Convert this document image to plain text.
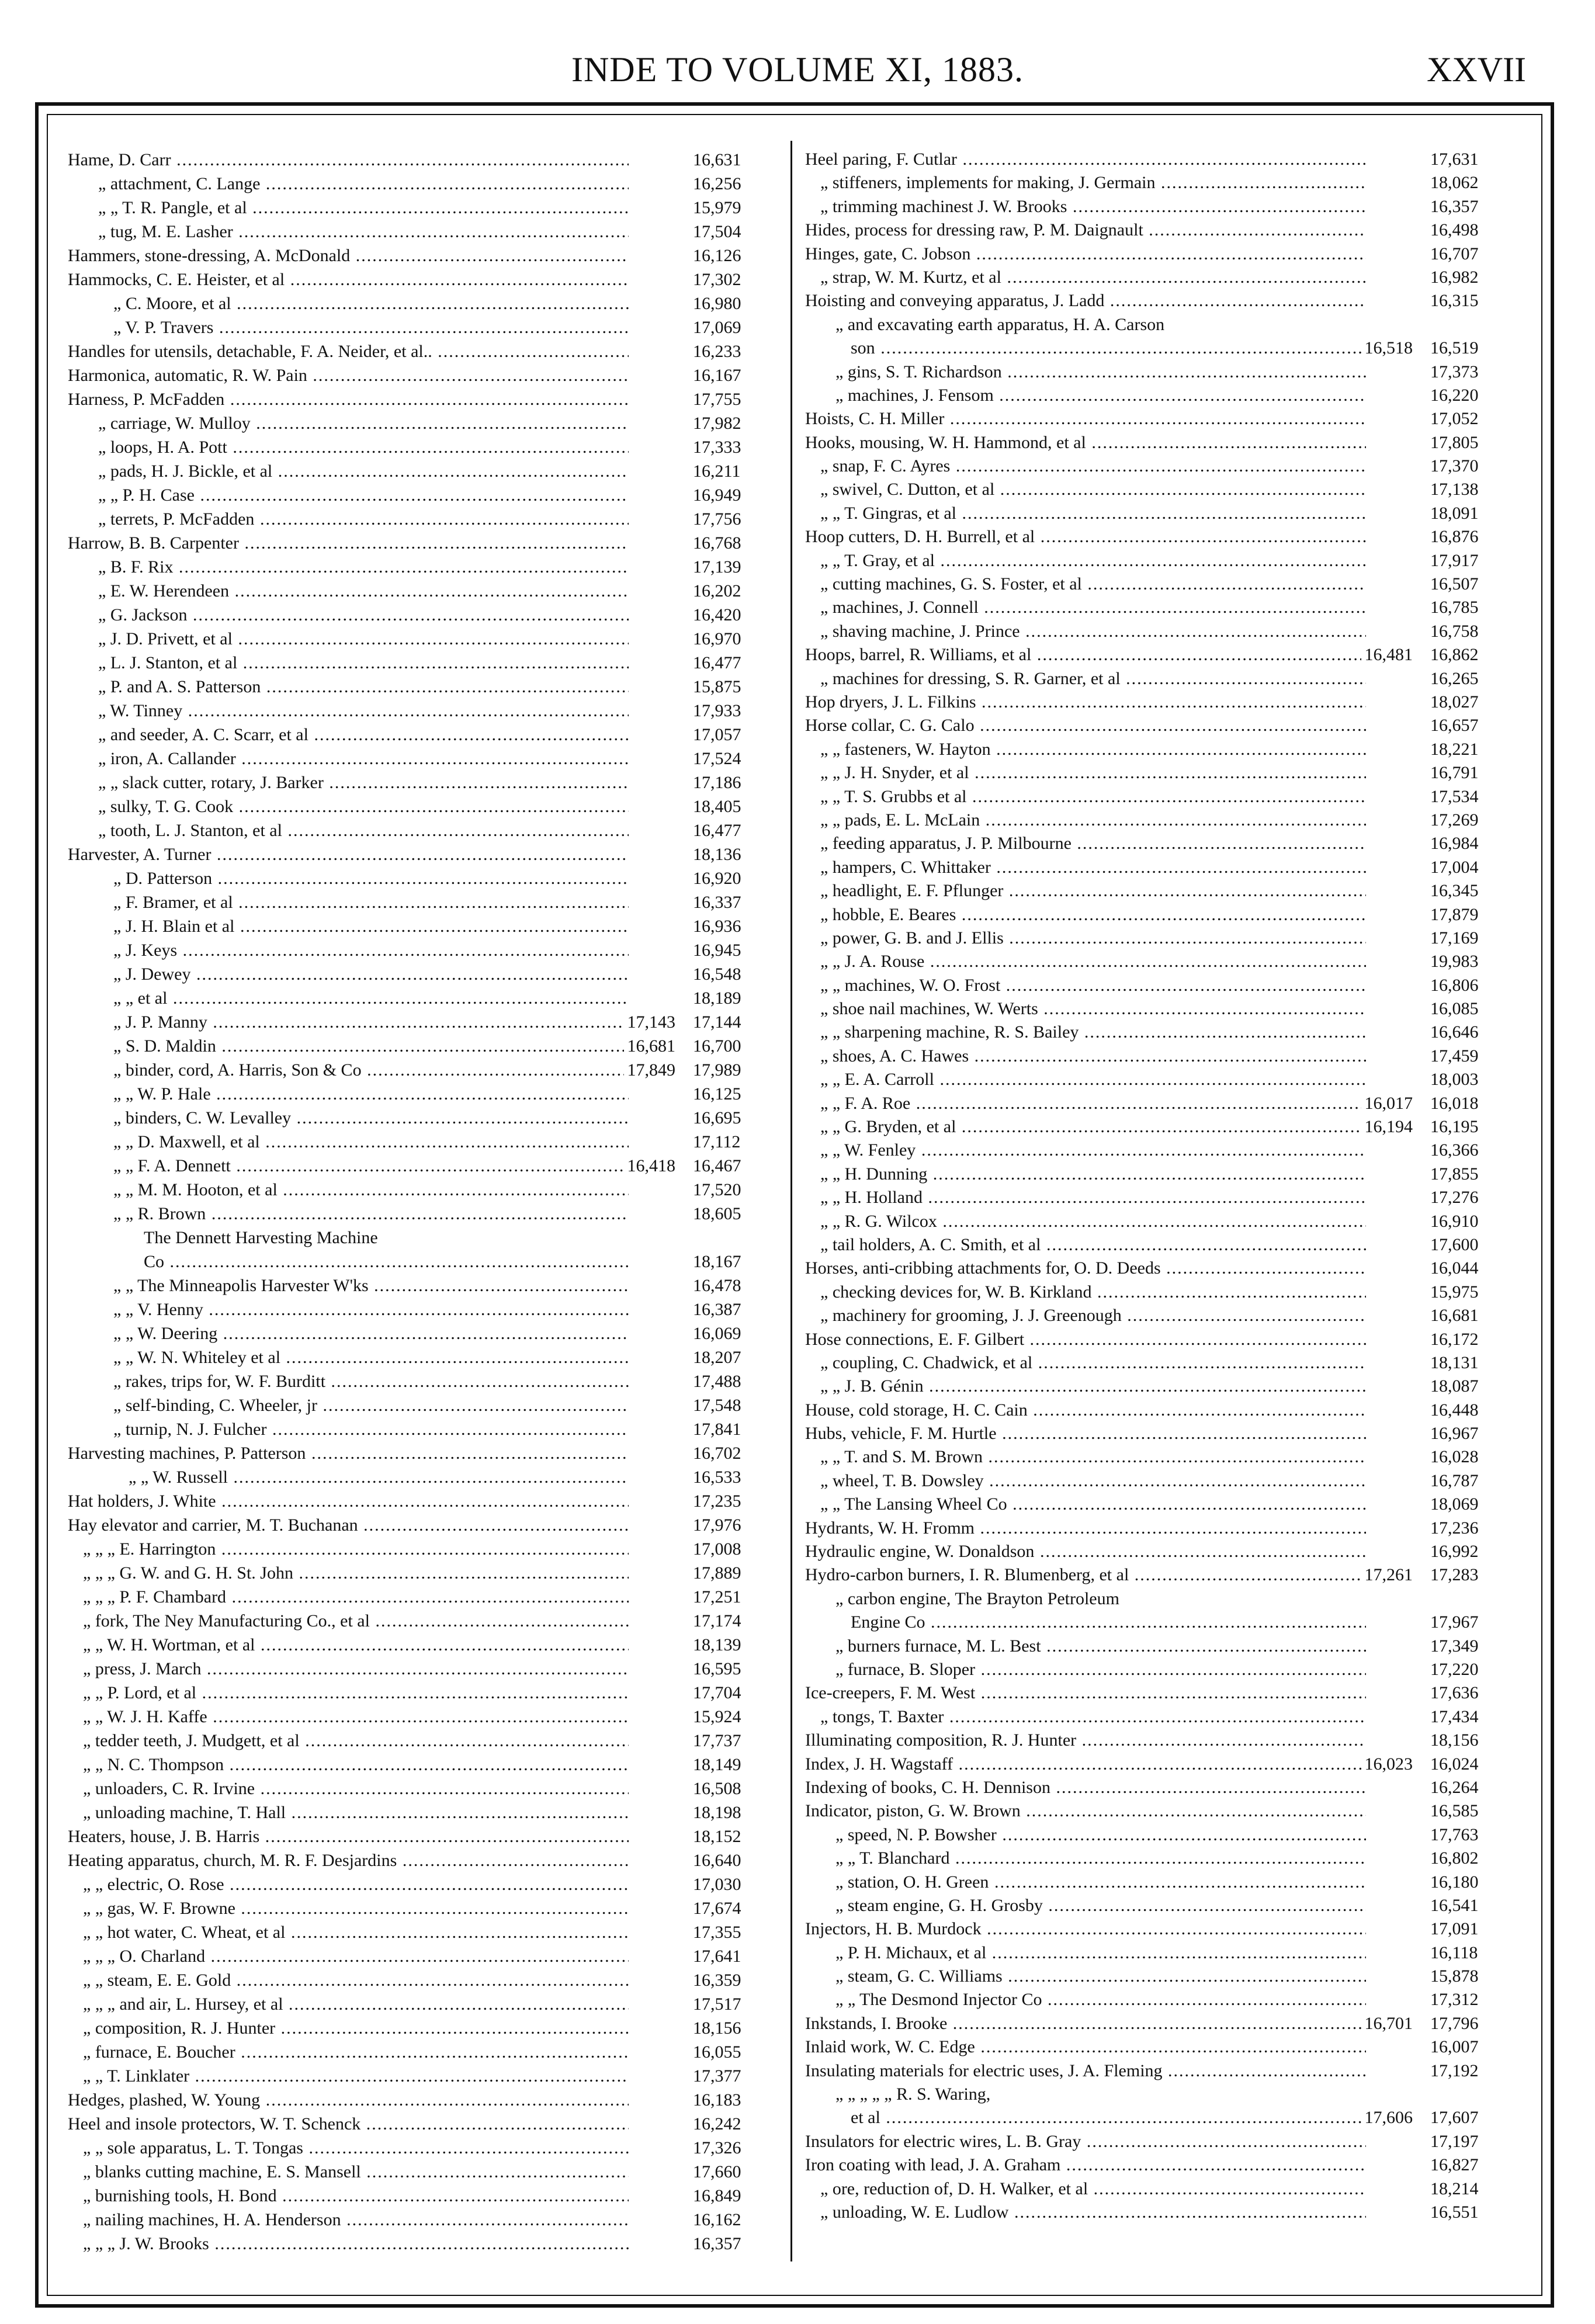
INDE TO VOLUME XI, 1883.	XXVII
Hame, D. Carr .....	16,631
„ attachment, C. Lange .....	16,256
„ „ T. R. Pangle, et al .....	15,979
„ tug, M. E. Lasher .....	17,504
Hammers, stone-dressing, A. McDonald .....	16,126
Hammocks, C. E. Heister, et al .....	17,302
„ C. Moore, et al .....	16,980
„ V. P. Travers .....	17,069
Handles for utensils, detachable, F. A. Neider, et al.. .....	16,233
Harmonica, automatic, R. W. Pain .....	16,167
Harness, P. McFadden .....	17,755
„ carriage, W. Mulloy .....	17,982
„ loops, H. A. Pott .....	17,333
„ pads, H. J. Bickle, et al .....	16,211
„ „ P. H. Case .....	16,949
„ terrets, P. McFadden .....	17,756
Harrow, B. B. Carpenter .....	16,768
„ B. F. Rix .....	17,139
„ E. W. Herendeen .....	16,202
„ G. Jackson .....	16,420
„ J. D. Privett, et al .....	16,970
„ L. J. Stanton, et al .....	16,477
„ P. and A. S. Patterson .....	15,875
„ W. Tinney .....	17,933
„ and seeder, A. C. Scarr, et al .....	17,057
„ iron, A. Callander .....	17,524
„ „ slack cutter, rotary, J. Barker .....	17,186
„ sulky, T. G. Cook .....	18,405
„ tooth, L. J. Stanton, et al .....	16,477
Harvester, A. Turner .....	18,136
„ D. Patterson .....	16,920
„ F. Bramer, et al .....	16,337
„ J. H. Blain et al .....	16,936
„ J. Keys .....	16,945
„ J. Dewey .....	16,548
„ „ et al .....	18,189
„ J. P. Manny .....	17,143 17,144
„ S. D. Maldin .....	16,681 16,700
„ binder, cord, A. Harris, Son & Co .....	17,849 17,989
„ „ W. P. Hale .....	16,125
„ binders, C. W. Levalley .....	16,695
„ „ D. Maxwell, et al .....	17,112
„ „ F. A. Dennett .....	16,418 16,467
„ „ M. M. Hooton, et al .....	17,520
„ „ R. Brown .....	18,605
The Dennett Harvesting Machine
Co .....	18,167
„ „ The Minneapolis Harvester W'ks .....	16,478
„ „ V. Henny .....	16,387
„ „ W. Deering .....	16,069
„ „ W. N. Whiteley et al .....	18,207
„ rakes, trips for, W. F. Burditt .....	17,488
„ self-binding, C. Wheeler, jr .....	17,548
„ turnip, N. J. Fulcher .....	17,841
Harvesting machines, P. Patterson .....	16,702
„ „ W. Russell .....	16,533
Hat holders, J. White .....	17,235
Hay elevator and carrier, M. T. Buchanan .....	17,976
„ „ „ E. Harrington .....	17,008
„ „ „ G. W. and G. H. St. John .....	17,889
„ „ „ P. F. Chambard .....	17,251
„ fork, The Ney Manufacturing Co., et al .....	17,174
„ „ W. H. Wortman, et al .....	18,139
„ press, J. March .....	16,595
„ „ P. Lord, et al .....	17,704
„ „ W. J. H. Kaffe .....	15,924
„ tedder teeth, J. Mudgett, et al .....	17,737
„ „ N. C. Thompson .....	18,149
„ unloaders, C. R. Irvine .....	16,508
„ unloading machine, T. Hall .....	18,198
Heaters, house, J. B. Harris .....	18,152
Heating apparatus, church, M. R. F. Desjardins .....	16,640
„ „ electric, O. Rose .....	17,030
„ „ gas, W. F. Browne .....	17,674
„ „ hot water, C. Wheat, et al .....	17,355
„ „ „ O. Charland .....	17,641
„ „ steam, E. E. Gold .....	16,359
„ „ „ and air, L. Hursey, et al .....	17,517
„ composition, R. J. Hunter .....	18,156
„ furnace, E. Boucher .....	16,055
„ „ T. Linklater .....	17,377
Hedges, plashed, W. Young .....	16,183
Heel and insole protectors, W. T. Schenck .....	16,242
„ „ sole apparatus, L. T. Tongas .....	17,326
„ blanks cutting machine, E. S. Mansell .....	17,660
„ burnishing tools, H. Bond .....	16,849
„ nailing machines, H. A. Henderson .....	16,162
„ „ „ J. W. Brooks .....	16,357
Heel paring, F. Cutlar .....	17,631
„ stiffeners, implements for making, J. Germain .....	18,062
„ trimming machinest J. W. Brooks .....	16,357
Hides, process for dressing raw, P. M. Daignault .....	16,498
Hinges, gate, C. Jobson .....	16,707
„ strap, W. M. Kurtz, et al .....	16,982
Hoisting and conveying apparatus, J. Ladd .....	16,315
„ and excavating earth apparatus, H. A. Carson
son .....	16,518 16,519
„ gins, S. T. Richardson .....	17,373
„ machines, J. Fensom .....	16,220
Hoists, C. H. Miller .....	17,052
Hooks, mousing, W. H. Hammond, et al .....	17,805
„ snap, F. C. Ayres .....	17,370
„ swivel, C. Dutton, et al .....	17,138
„ „ T. Gingras, et al .....	18,091
Hoop cutters, D. H. Burrell, et al .....	16,876
„ „ T. Gray, et al .....	17,917
„ cutting machines, G. S. Foster, et al .....	16,507
„ machines, J. Connell .....	16,785
„ shaving machine, J. Prince .....	16,758
Hoops, barrel, R. Williams, et al .....	16,481 16,862
„ machines for dressing, S. R. Garner, et al .....	16,265
Hop dryers, J. L. Filkins .....	18,027
Horse collar, C. G. Calo .....	16,657
„ „ fasteners, W. Hayton .....	18,221
„ „ J. H. Snyder, et al .....	16,791
„ „ T. S. Grubbs et al .....	17,534
„ „ pads, E. L. McLain .....	17,269
„ feeding apparatus, J. P. Milbourne .....	16,984
„ hampers, C. Whittaker .....	17,004
„ headlight, E. F. Pflunger .....	16,345
„ hobble, E. Beares .....	17,879
„ power, G. B. and J. Ellis .....	17,169
„ „ J. A. Rouse .....	19,983
„ „ machines, W. O. Frost .....	16,806
„ shoe nail machines, W. Werts .....	16,085
„ „ sharpening machine, R. S. Bailey .....	16,646
„ shoes, A. C. Hawes .....	17,459
„ „ E. A. Carroll .....	18,003
„ „ F. A. Roe .....	16,017 16,018
„ „ G. Bryden, et al .....	16,194 16,195
„ „ W. Fenley .....	16,366
„ „ H. Dunning .....	17,855
„ „ H. Holland .....	17,276
„ „ R. G. Wilcox .....	16,910
„ tail holders, A. C. Smith, et al .....	17,600
Horses, anti-cribbing attachments for, O. D. Deeds .....	16,044
„ checking devices for, W. B. Kirkland .....	15,975
„ machinery for grooming, J. J. Greenough .....	16,681
Hose connections, E. F. Gilbert .....	16,172
„ coupling, C. Chadwick, et al .....	18,131
„ „ J. B. Génin .....	18,087
House, cold storage, H. C. Cain .....	16,448
Hubs, vehicle, F. M. Hurtle .....	16,967
„ „ T. and S. M. Brown .....	16,028
„ wheel, T. B. Dowsley .....	16,787
„ „ The Lansing Wheel Co .....	18,069
Hydrants, W. H. Fromm .....	17,236
Hydraulic engine, W. Donaldson .....	16,992
Hydro-carbon burners, I. R. Blumenberg, et al .....	17,261 17,283
„ carbon engine, The Brayton Petroleum
Engine Co .....	17,967
„ burners furnace, M. L. Best .....	17,349
„ furnace, B. Sloper .....	17,220
Ice-creepers, F. M. West .....	17,636
„ tongs, T. Baxter .....	17,434
Illuminating composition, R. J. Hunter .....	18,156
Index, J. H. Wagstaff .....	16,023 16,024
Indexing of books, C. H. Dennison .....	16,264
Indicator, piston, G. W. Brown .....	16,585
„ speed, N. P. Bowsher .....	17,763
„ „ T. Blanchard .....	16,802
„ station, O. H. Green .....	16,180
„ steam engine, G. H. Grosby .....	16,541
Injectors, H. B. Murdock .....	17,091
„ P. H. Michaux, et al .....	16,118
„ steam, G. C. Williams .....	15,878
„ „ The Desmond Injector Co .....	17,312
Inkstands, I. Brooke .....	16,701 17,796
Inlaid work, W. C. Edge .....	16,007
Insulating materials for electric uses, J. A. Fleming .....	17,192
„ „ „ „ „ R. S. Waring,
et al .....	17,606 17,607
Insulators for electric wires, L. B. Gray .....	17,197
Iron coating with lead, J. A. Graham .....	16,827
„ ore, reduction of, D. H. Walker, et al .....	18,214
„ unloading, W. E. Ludlow .....	16,551
